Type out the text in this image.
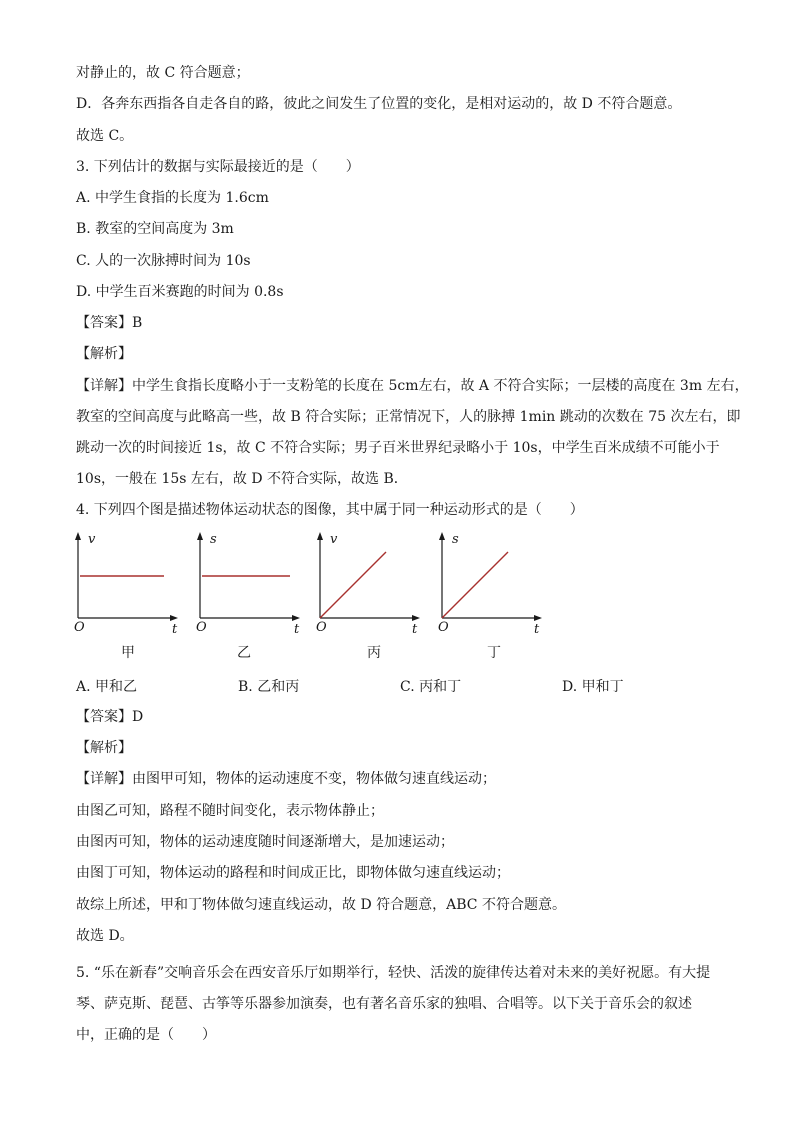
对静止的，故 C 符合题意；
D．各奔东西指各自走各自的路，彼此之间发生了位置的变化，是相对运动的，故 D 不符合题意。
故选 C。
3. 下列估计的数据与实际最接近的是（　　）
A. 中学生食指的长度为 1.6cm
B. 教室的空间高度为 3m
C. 人的一次脉搏时间为 10s
D. 中学生百米赛跑的时间为 0.8s
【答案】B
【解析】
【详解】中学生食指长度略小于一支粉笔的长度在 5cm左右，故 A 不符合实际；一层楼的高度在 3m 左右，
教室的空间高度与此略高一些，故 B 符合实际；正常情况下，人的脉搏 1min 跳动的次数在 75 次左右，即
跳动一次的时间接近 1s，故 C 不符合实际；男子百米世界纪录略小于 10s，中学生百米成绩不可能小于
10s，一般在 15s 左右，故 D 不符合实际，故选 B．
4. 下列四个图是描述物体运动状态的图像，其中属于同一种运动形式的是（　　）
v
t
O
甲
s
t
O
乙
v
t
O
丙
s
t
O
丁
A. 甲和乙	B. 乙和丙	C. 丙和丁	D. 甲和丁
【答案】D
【解析】
【详解】由图甲可知，物体的运动速度不变，物体做匀速直线运动；
由图乙可知，路程不随时间变化，表示物体静止；
由图丙可知，物体的运动速度随时间逐渐增大，是加速运动；
由图丁可知，物体运动的路程和时间成正比，即物体做匀速直线运动；
故综上所述，甲和丁物体做匀速直线运动，故 D 符合题意，ABC 不符合题意。
故选 D。
5. “乐在新春”交响音乐会在西安音乐厅如期举行，轻快、活泼的旋律传达着对未来的美好祝愿。有大提琴、萨克斯、琵琶、古筝等乐器参加演奏，也有著名音乐家的独唱、合唱等。以下关于音乐会的叙述中，正确的是（　　）
